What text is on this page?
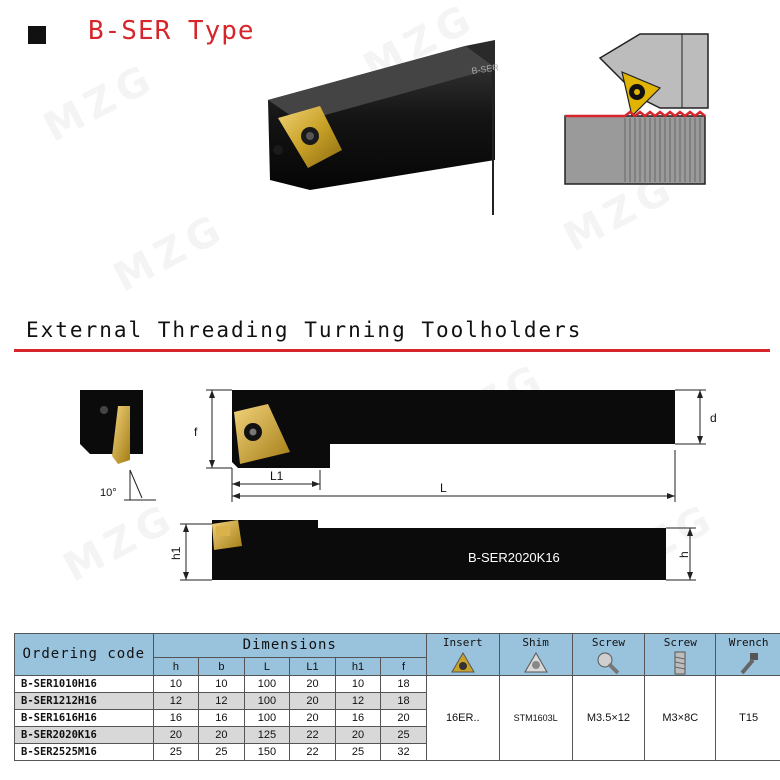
B-SER Type
B-SER
External Threading Turning Toolholders
10°
f
d
L1
L
h1	h
B-SER2020K16
Ordering code	Dimensions						Insert	Shim	Screw	Screw	Wrench

	h	b	L	L1	h1	f					
B-SER1010H16	10	10	100	20	10	18	16ER..	STM1603L	M3.5×12	M3×8C	T15
B-SER1212H16	12	12	100	20	12	18					
B-SER1616H16	16	16	100	20	16	20					
B-SER2020K16	20	20	125	22	20	25					
B-SER2525M16	25	25	150	22	25	32					
